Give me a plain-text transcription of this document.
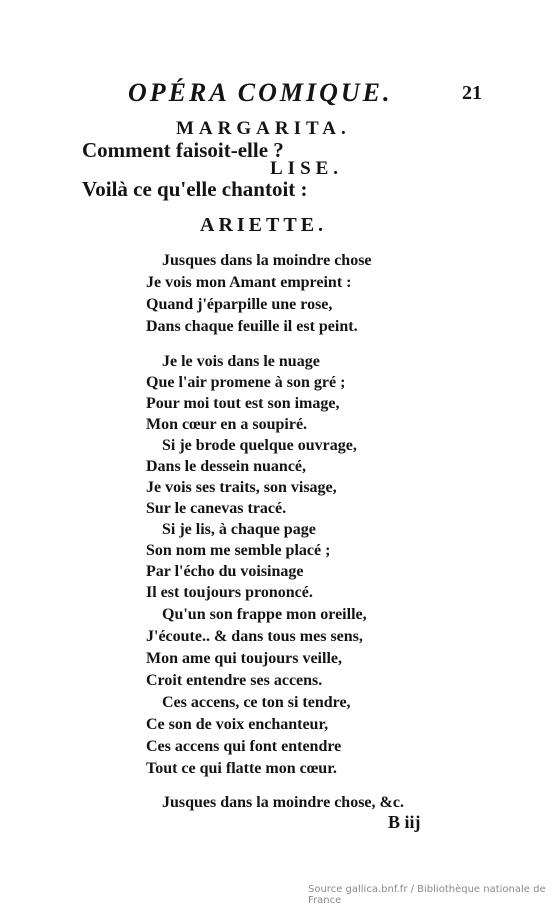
OPÉRA COMIQUE.	21
MARGARITA.
Comment faisoit-elle ?
LISE.
Voilà ce qu'elle chantoit :
ARIETTE.
Jusques dans la moindre chose
Je vois mon Amant empreint :
Quand j'éparpille une rose,
Dans chaque feuille il est peint.
Je le vois dans le nuage
Que l'air promene à son gré ;
Pour moi tout est son image,
Mon cœur en a soupiré.
Si je brode quelque ouvrage,
Dans le dessein nuancé,
Je vois ses traits, son visage,
Sur le canevas tracé.
Si je lis, à chaque page
Son nom me semble placé ;
Par l'écho du voisinage
Il est toujours prononcé.
Qu'un son frappe mon oreille,
J'écoute.. & dans tous mes sens,
Mon ame qui toujours veille,
Croit entendre ses accens.
Ces accens, ce ton si tendre,
Ce son de voix enchanteur,
Ces accens qui font entendre
Tout ce qui flatte mon cœur.
Jusques dans la moindre chose, &c.
B iij
Source gallica.bnf.fr / Bibliothèque nationale de France
